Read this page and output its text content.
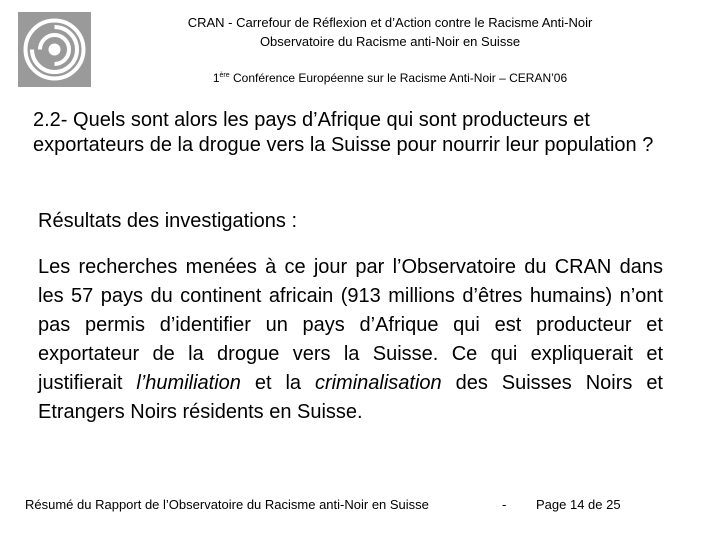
CRAN - Carrefour de Réflexion et d’Action contre le Racisme Anti-Noir
Observatoire du Racisme anti-Noir en Suisse
1ère Conférence Européenne sur le Racisme Anti-Noir – CERAN’06
2.2- Quels sont alors les pays d’Afrique qui sont producteurs et exportateurs de la drogue vers la Suisse pour nourrir leur population ?
Résultats des investigations :
Les recherches menées à ce jour par l’Observatoire du CRAN dans les 57 pays du continent africain (913 millions d’êtres humains) n’ont pas permis d’identifier un pays d’Afrique qui est producteur et exportateur de la drogue vers la Suisse. Ce qui expliquerait et justifierait l’humiliation et la criminalisation des Suisses Noirs et Etrangers Noirs résidents en Suisse.
Résumé du Rapport de l’Observatoire du Racisme anti-Noir en Suisse	- Page 14 de 25
